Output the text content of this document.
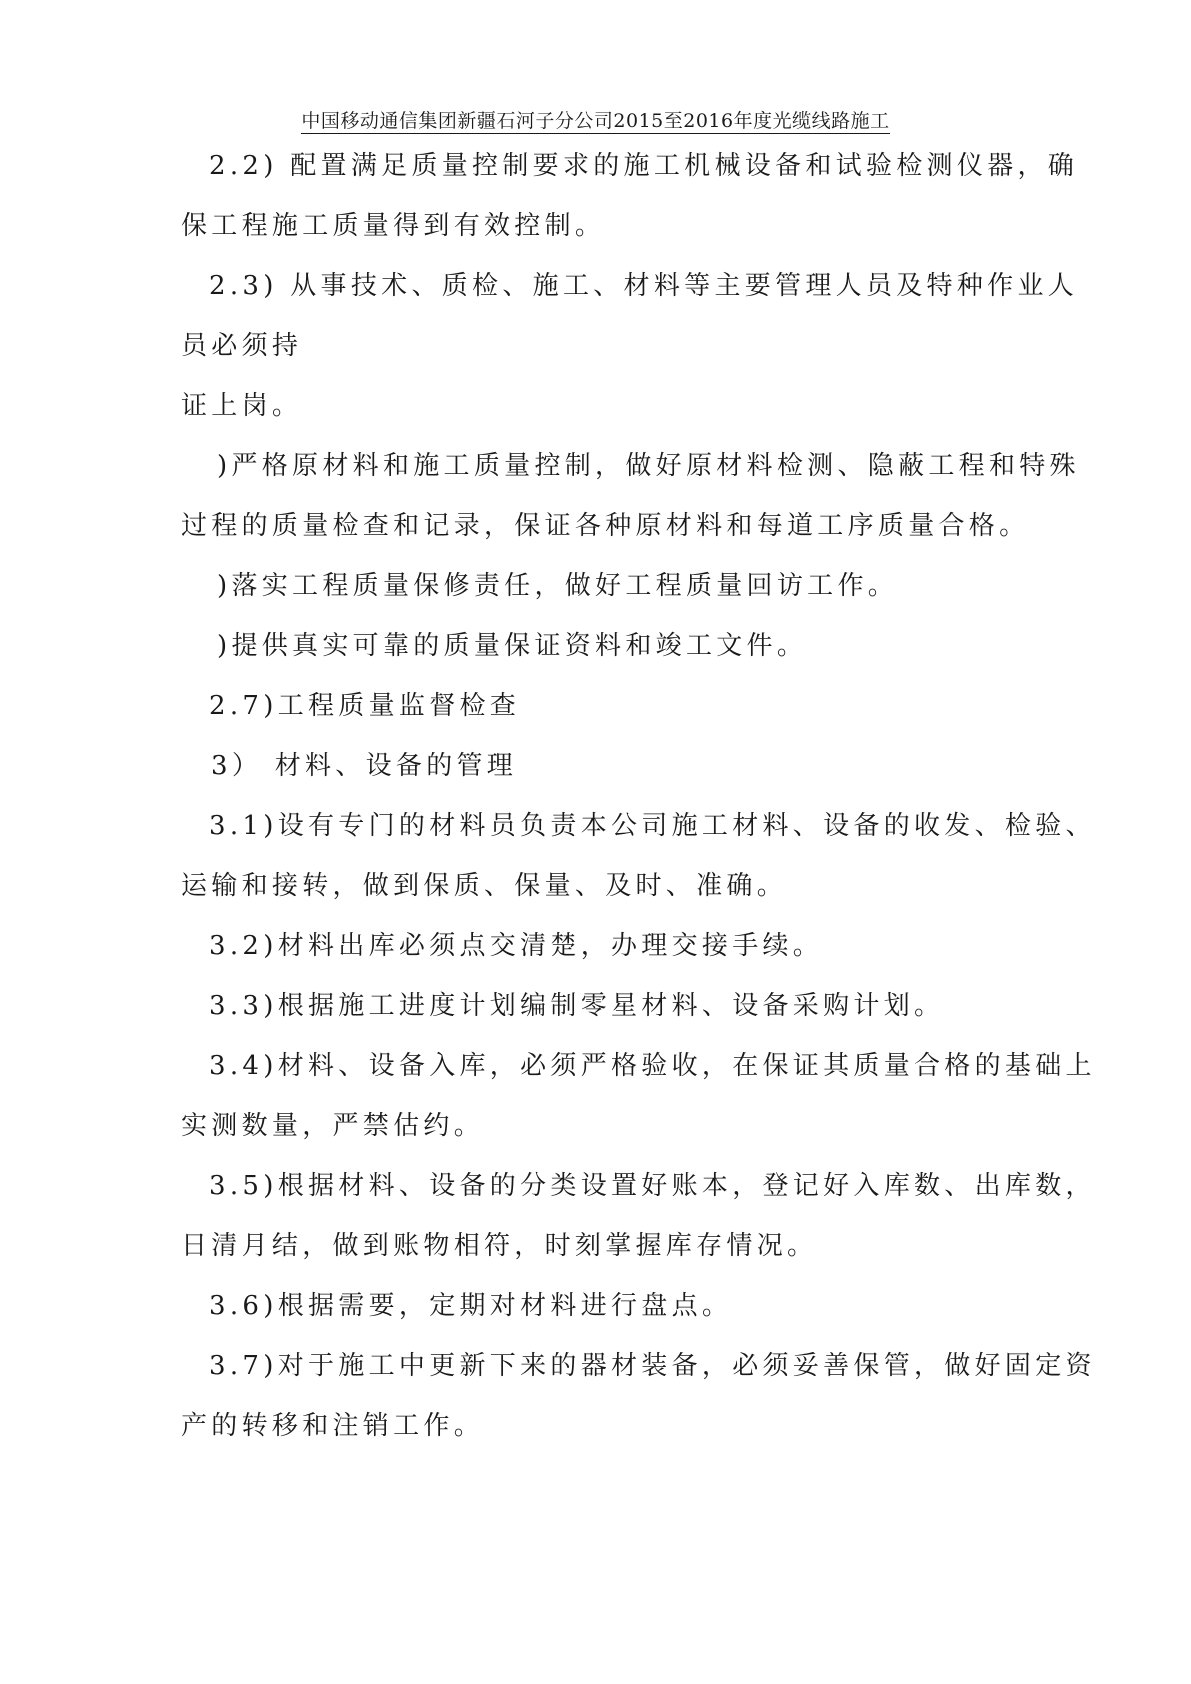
中国移动通信集团新疆石河子分公司2015至2016年度光缆线路施工
2.2) 配置满足质量控制要求的施工机械设备和试验检测仪器，确
保工程施工质量得到有效控制。
2.3) 从事技术、质检、施工、材料等主要管理人员及特种作业人
员必须持
证上岗。
)严格原材料和施工质量控制，做好原材料检测、隐蔽工程和特殊
过程的质量检查和记录，保证各种原材料和每道工序质量合格。
)落实工程质量保修责任，做好工程质量回访工作。
)提供真实可靠的质量保证资料和竣工文件。
2.7)工程质量监督检查
3） 材料、设备的管理
3.1)设有专门的材料员负责本公司施工材料、设备的收发、检验、
运输和接转，做到保质、保量、及时、准确。
3.2)材料出库必须点交清楚，办理交接手续。
3.3)根据施工进度计划编制零星材料、设备采购计划。
3.4)材料、设备入库，必须严格验收，在保证其质量合格的基础上
实测数量，严禁估约。
3.5)根据材料、设备的分类设置好账本，登记好入库数、出库数，
日清月结，做到账物相符，时刻掌握库存情况。
3.6)根据需要，定期对材料进行盘点。
3.7)对于施工中更新下来的器材装备，必须妥善保管，做好固定资
产的转移和注销工作。
